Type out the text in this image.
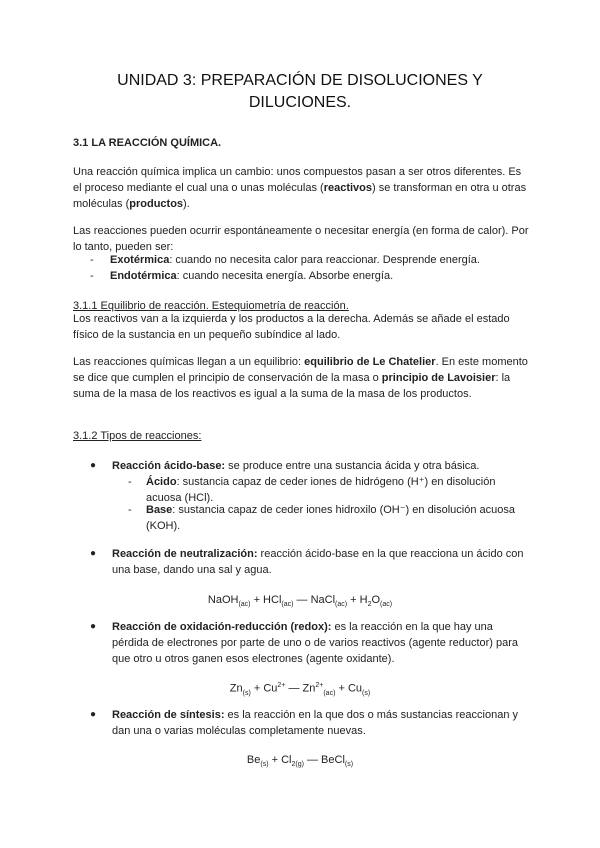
UNIDAD 3: PREPARACIÓN DE DISOLUCIONES Y
DILUCIONES.

3.1 LA REACCIÓN QUÍMICA.

Una reacción química implica un cambio: unos compuestos pasan a ser otros diferentes. Es el proceso mediante el cual una o unas moléculas (reactivos) se transforman en otra u otras moléculas (productos).

Las reacciones pueden ocurrir espontáneamente o necesitar energía (en forma de calor). Por lo tanto, pueden ser:

- Exotérmica: cuando no necesita calor para reaccionar. Desprende energía.
- Endotérmica: cuando necesita energía. Absorbe energía.

3.1.1 Equilibrio de reacción. Estequiometría de reacción.

Los reactivos van a la izquierda y los productos a la derecha. Además se añade el estado físico de la sustancia en un pequeño subíndice al lado.

Las reacciones químicas llegan a un equilibrio: equilibrio de Le Chatelier. En este momento se dice que cumplen el principio de conservación de la masa o principio de Lavoisier: la suma de la masa de los reactivos es igual a la suma de la masa de los productos.

3.1.2 Tipos de reacciones:

● Reacción ácido-base: se produce entre una sustancia ácida y otra básica.
- Ácido: sustancia capaz de ceder iones de hidrógeno (H⁺) en disolución acuosa (HCl).
- Base: sustancia capaz de ceder iones hidroxilo (OH⁻) en disolución acuosa (KOH).
● Reacción de neutralización: reacción ácido-base en la que reacciona un ácido con una base, dando una sal y agua.
NaOH$_{(ac)}$ + HCl$_{(ac)}$ — NaCl$_{(ac)}$ + $H_2O_{(ac)}$
● Reacción de oxidación-reducción (redox): es la reacción en la que hay una pérdida de electrones por parte de uno o de varios reactivos (agente reductor) para que otro u otros ganen esos electrones (agente oxidante).
$Zn_{(s)} + Cu^{2+}$ — $Zn^{2+}_{(ac)} + Cu_{(s)}$
● Reacción de síntesis: es la reacción en la que dos o más sustancias reaccionan y dan una o varias moléculas completamente nuevas.
$Be_{(s)} + Cl_{2(g)}$ — BeCl$_{(s)}$
